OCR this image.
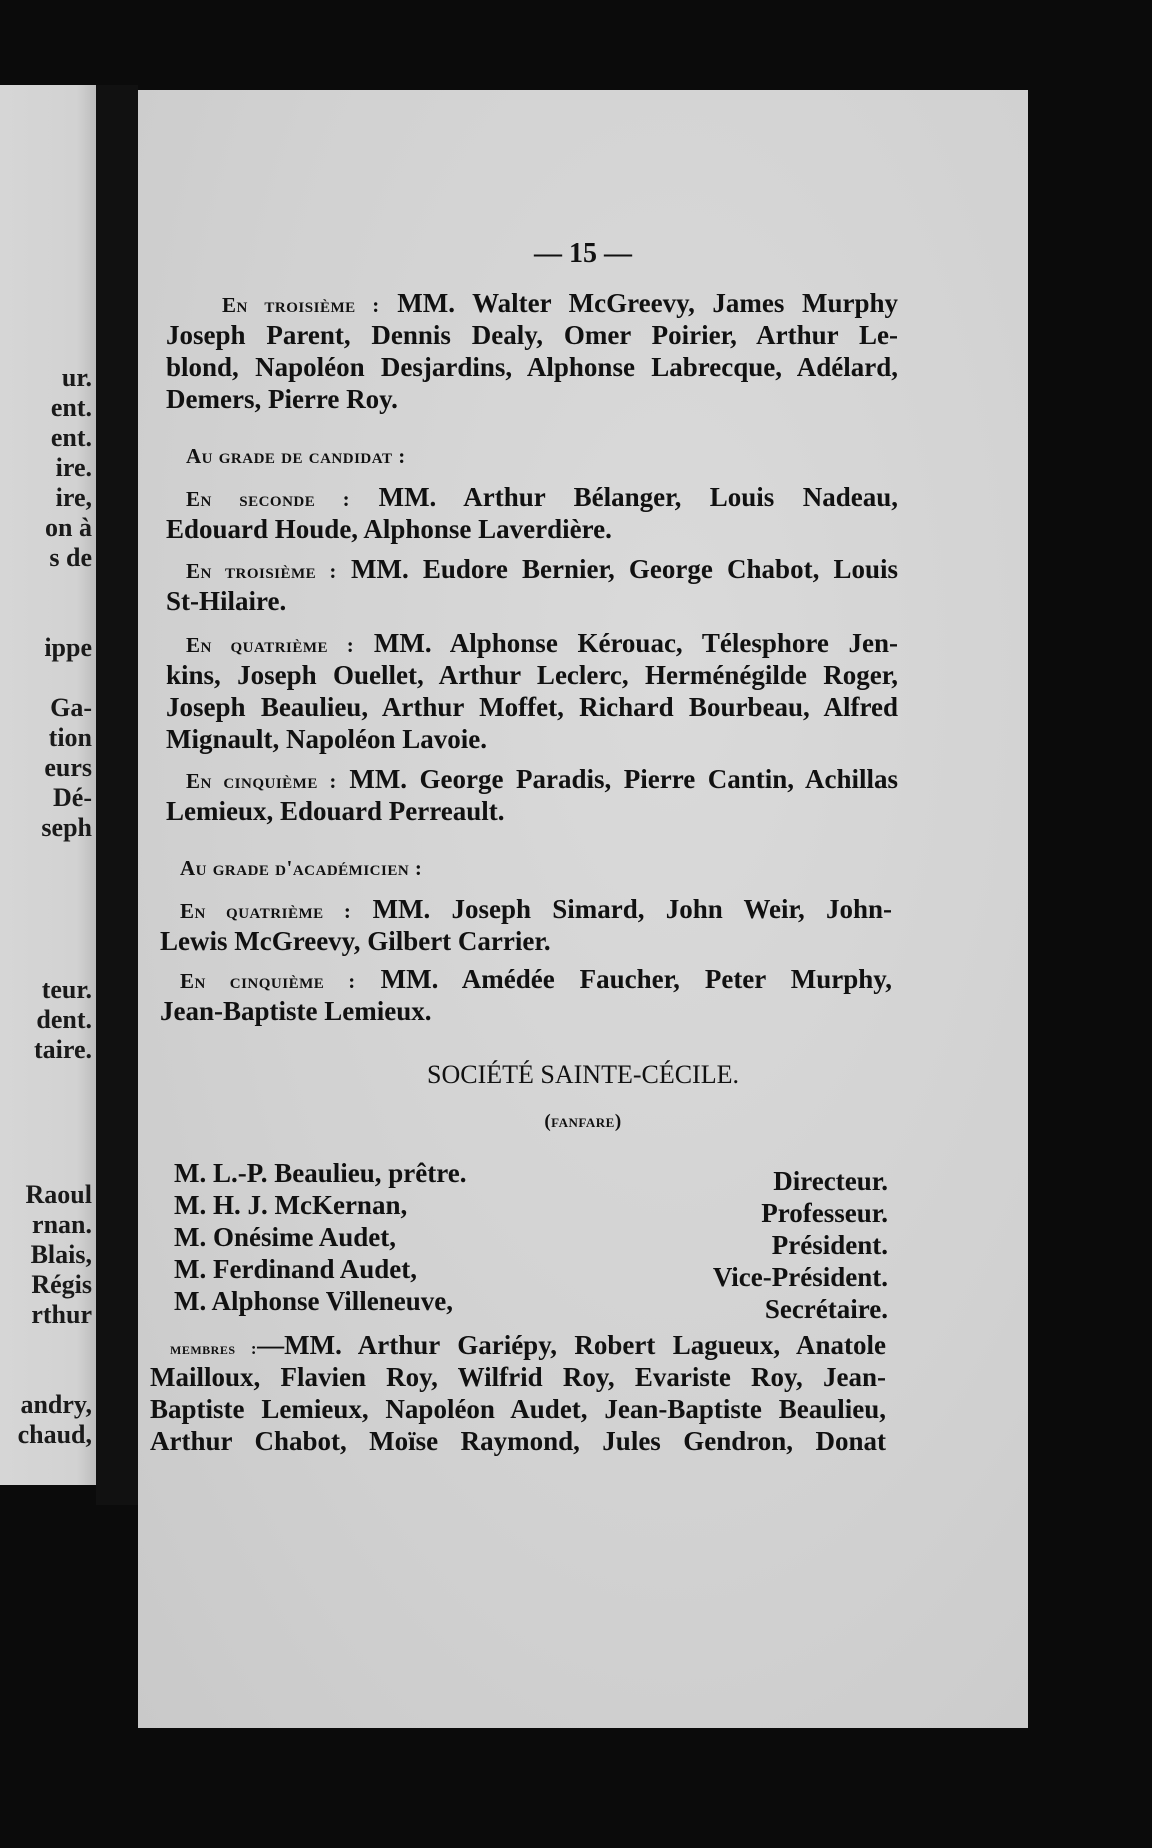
ur.
ent.
ent.
ire.
ire,
on à
s de
ippe
Ga-
tion
eurs
Dé-
seph
teur.
dent.
taire.
Raoul
rnan.
Blais,
Régis
rthur
andry,
chaud,
— 15 —
En troisième : MM. Walter McGreevy, James Murphy
Joseph Parent, Dennis Dealy, Omer Poirier, Arthur Le-
blond, Napoléon Desjardins, Alphonse Labrecque, Adélard,
Demers, Pierre Roy.
Au grade de candidat :
En seconde : MM. Arthur Bélanger, Louis Nadeau,
Edouard Houde, Alphonse Laverdière.
En troisième : MM. Eudore Bernier, George Chabot, Louis
St-Hilaire.
En quatrième : MM. Alphonse Kérouac, Télesphore Jen-
kins, Joseph Ouellet, Arthur Leclerc, Herménégilde Roger,
Joseph Beaulieu, Arthur Moffet, Richard Bourbeau, Alfred
Mignault, Napoléon Lavoie.
En cinquième : MM. George Paradis, Pierre Cantin, Achillas
Lemieux, Edouard Perreault.
Au grade d'académicien :
En quatrième : MM. Joseph Simard, John Weir, John-
Lewis McGreevy, Gilbert Carrier.
En cinquième : MM. Amédée Faucher, Peter Murphy,
Jean-Baptiste Lemieux.
SOCIÉTÉ SAINTE-CÉCILE.
(fanfare)
M. L.-P. Beaulieu, prêtre.	Directeur.
M. H. J. McKernan,	Professeur.
M. Onésime Audet,	Président.
M. Ferdinand Audet,	Vice-Président.
M. Alphonse Villeneuve,	Secrétaire.
membres :—MM. Arthur Gariépy, Robert Lagueux, Anatole
Mailloux, Flavien Roy, Wilfrid Roy, Evariste Roy, Jean-
Baptiste Lemieux, Napoléon Audet, Jean-Baptiste Beaulieu,
Arthur Chabot, Moïse Raymond, Jules Gendron, Donat
